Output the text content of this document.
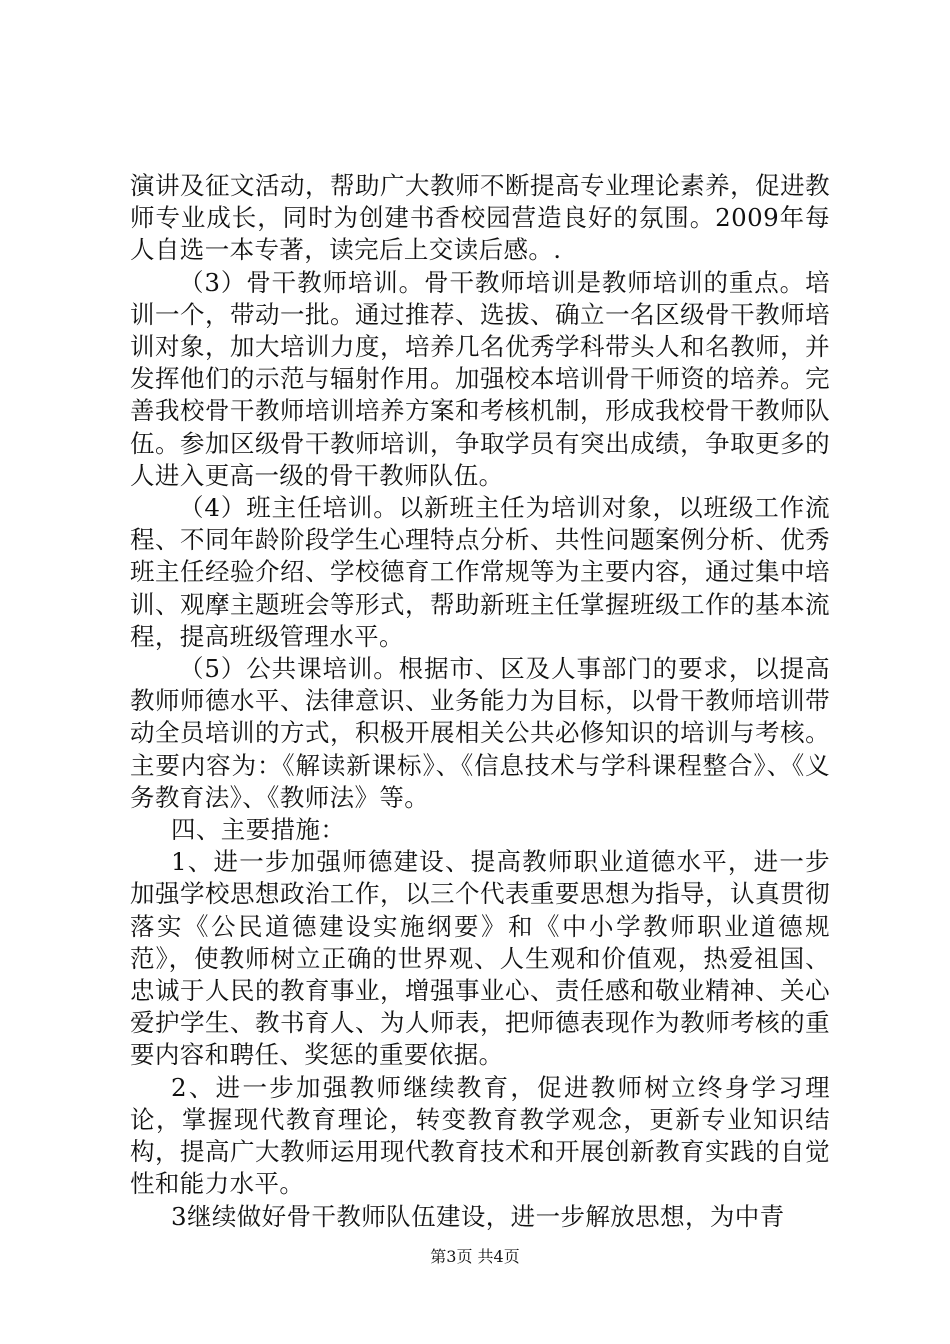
演讲及征文活动，帮助广大教师不断提高专业理论素养，促进教师专业成长，同时为创建书香校园营造良好的氛围。2009年每人自选一本专著，读完后上交读后感。.

（3）骨干教师培训。骨干教师培训是教师培训的重点。培训一个，带动一批。通过推荐、选拔、确立一名区级骨干教师培训对象，加大培训力度，培养几名优秀学科带头人和名教师，并发挥他们的示范与辐射作用。加强校本培训骨干师资的培养。完善我校骨干教师培训培养方案和考核机制，形成我校骨干教师队伍。参加区级骨干教师培训，争取学员有突出成绩，争取更多的人进入更高一级的骨干教师队伍。

（4）班主任培训。以新班主任为培训对象，以班级工作流程、不同年龄阶段学生心理特点分析、共性问题案例分析、优秀班主任经验介绍、学校德育工作常规等为主要内容，通过集中培训、观摩主题班会等形式，帮助新班主任掌握班级工作的基本流程，提高班级管理水平。

（5）公共课培训。根据市、区及人事部门的要求，以提高教师师德水平、法律意识、业务能力为目标，以骨干教师培训带动全员培训的方式，积极开展相关公共必修知识的培训与考核。主要内容为：《解读新课标》、《信息技术与学科课程整合》、《义务教育法》、《教师法》等。

四、主要措施：

1、进一步加强师德建设、提高教师职业道德水平，进一步加强学校思想政治工作，以三个代表重要思想为指导，认真贯彻落实《公民道德建设实施纲要》和《中小学教师职业道德规范》，使教师树立正确的世界观、人生观和价值观，热爱祖国、忠诚于人民的教育事业，增强事业心、责任感和敬业精神、关心爱护学生、教书育人、为人师表，把师德表现作为教师考核的重要内容和聘任、奖惩的重要依据。

2、进一步加强教师继续教育，促进教师树立终身学习理论，掌握现代教育理论，转变教育教学观念，更新专业知识结构，提高广大教师运用现代教育技术和开展创新教育实践的自觉性和能力水平。

3继续做好骨干教师队伍建设，进一步解放思想，为中青

第3页 共4页
